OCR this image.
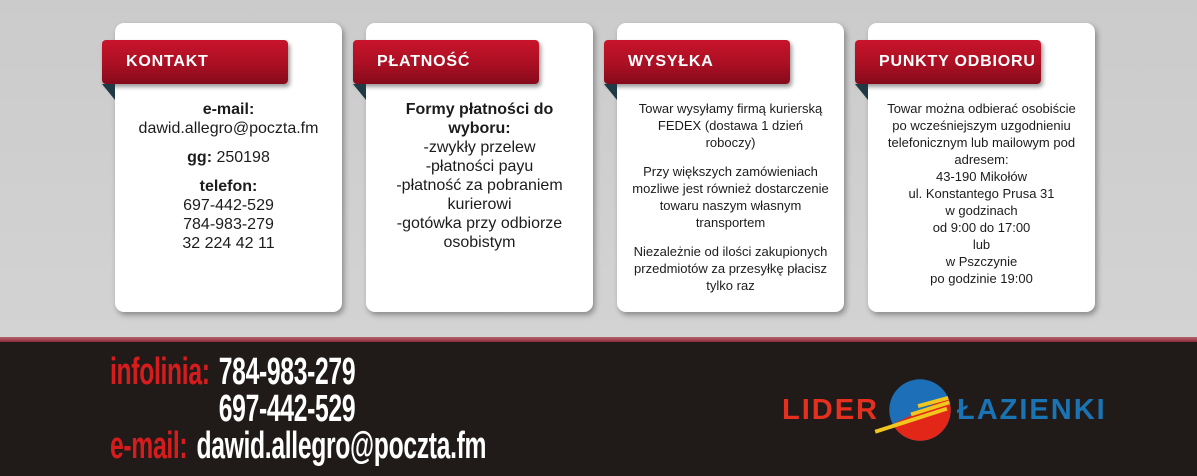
KONTAKT
e-mail:
dawid.allegro@poczta.fm
gg: 250198
telefon:
697-442-529
784-983-279
32 224 42 11
PŁATNOŚĆ
Formy płatności do
wyboru:
-zwykły przelew
-płatności payu
-płatność za pobraniem
kurierowi
-gotówka przy odbiorze
osobistym
WYSYŁKA
Towar wysyłamy firmą kurierską
FEDEX (dostawa 1 dzień
roboczy)
Przy większych zamówieniach
mozliwe jest również dostarczenie
towaru naszym własnym
transportem
Niezależnie od ilości zakupionych
przedmiotów za przesyłkę płacisz
tylko raz
PUNKTY ODBIORU
Towar można odbierać osobiście
po wcześniejszym uzgodnieniu
telefonicznym lub mailowym pod
adresem:
43-190 Mikołów
ul. Konstantego Prusa 31
w godzinach
od 9:00 do 17:00
lub
w Pszczynie
po godzinie 19:00
infolinia: 784-983-279
697-442-529
e-mail: dawid.allegro@poczta.fm
LIDER	ŁAZIENKI
